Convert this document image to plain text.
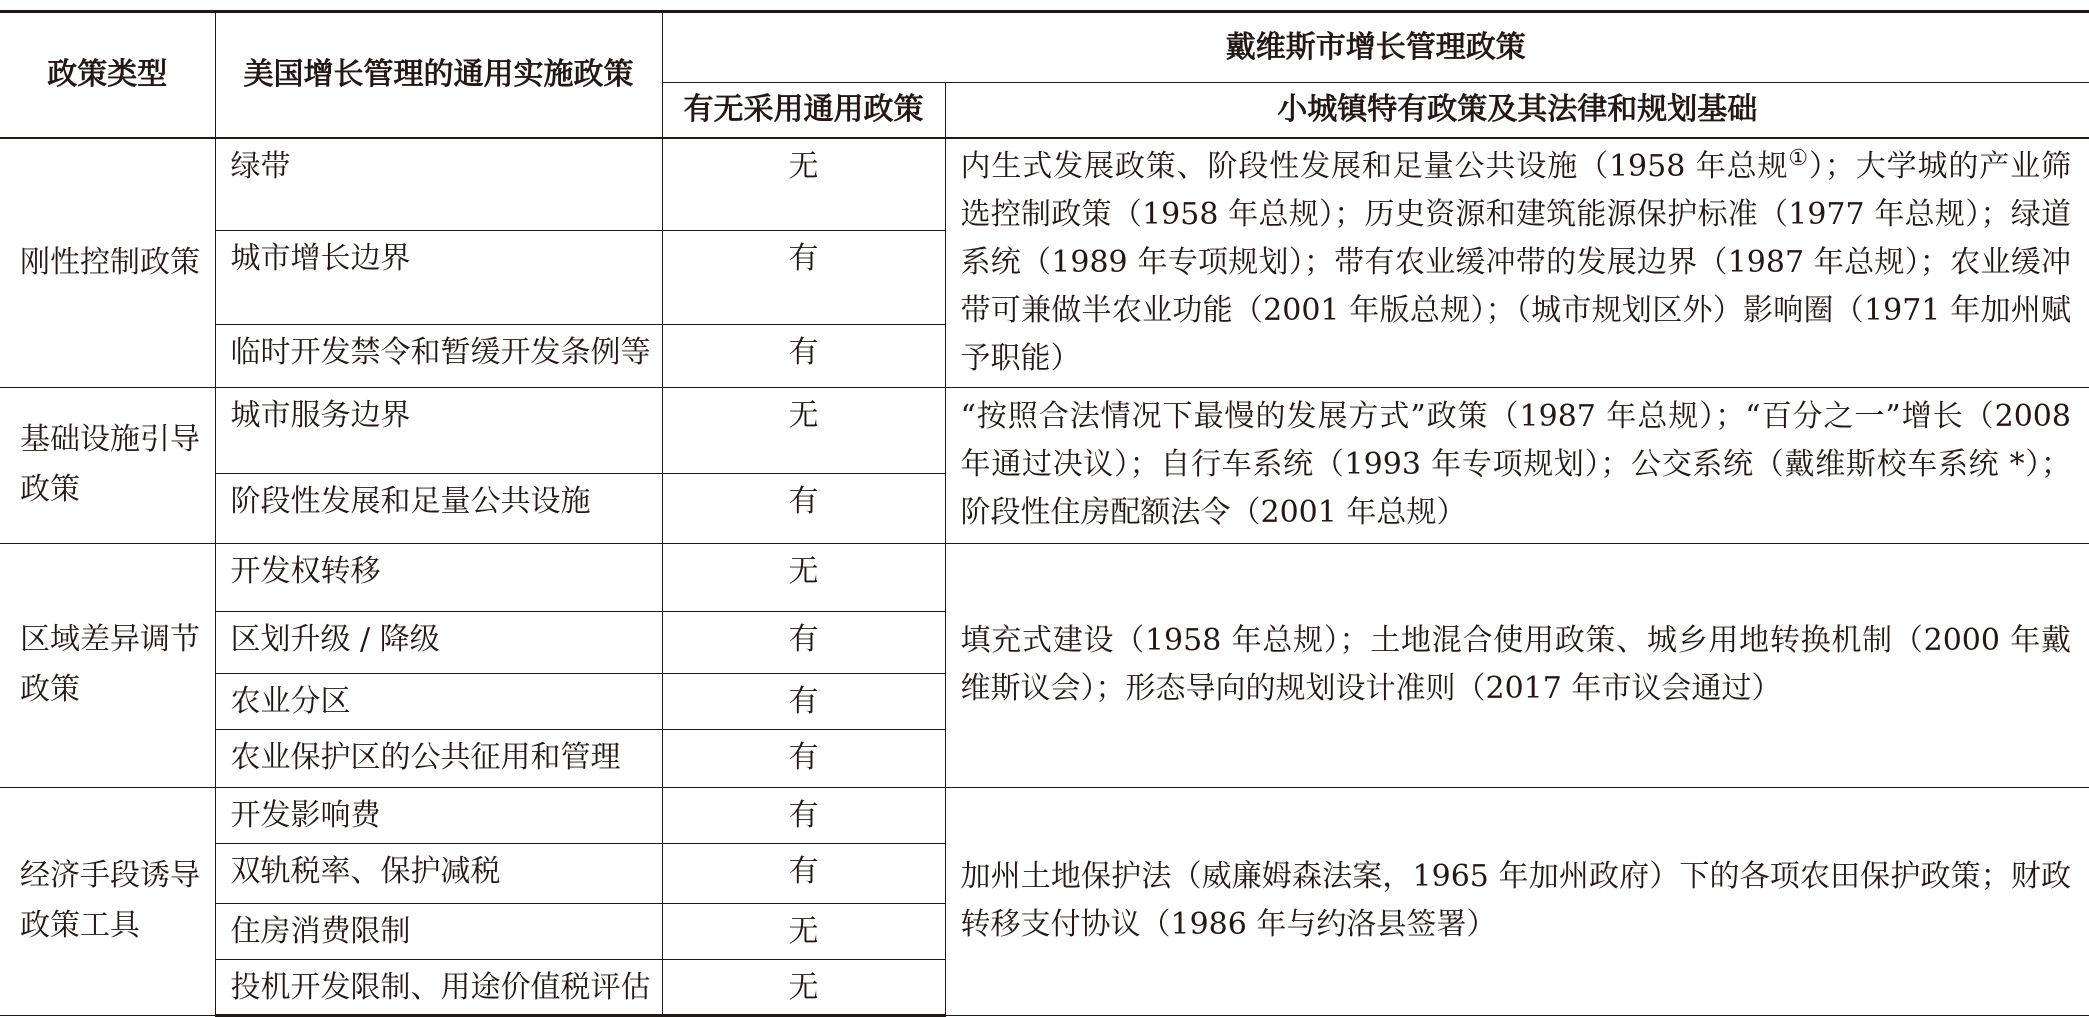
政策类型	美国增长管理的通用实施政策	戴维斯市增长管理政策	
		有无采用通用政策	小城镇特有政策及其法律和规划基础
刚性控制政策	绿带	无	内生式发展政策、阶段性发展和足量公共设施（1958 年总规①）；大学城的产业筛选控制政策（1958 年总规）；历史资源和建筑能源保护标准（1977 年总规）；绿道系统（1989 年专项规划）；带有农业缓冲带的发展边界（1987 年总规）；农业缓冲带可兼做半农业功能（2001 年版总规）；（城市规划区外）影响圈（1971 年加州赋予职能）
	城市增长边界	有	
	临时开发禁令和暂缓开发条例等	有	
基础设施引导政策	城市服务边界	无	“按照合法情况下最慢的发展方式”政策（1987 年总规）；“百分之一”增长（2008 年通过决议）；自行车系统（1993 年专项规划）；公交系统（戴维斯校车系统 *）；阶段性住房配额法令（2001 年总规）
	阶段性发展和足量公共设施	有	
区域差异调节政策	开发权转移	无	填充式建设（1958 年总规）；土地混合使用政策、城乡用地转换机制（2000 年戴维斯议会）；形态导向的规划设计准则（2017 年市议会通过）
	区划升级 / 降级	有	
	农业分区	有	
	农业保护区的公共征用和管理	有	
经济手段诱导政策工具	开发影响费	有	加州土地保护法（威廉姆森法案，1965 年加州政府）下的各项农田保护政策；财政转移支付协议（1986 年与约洛县签署）
	双轨税率、保护减税	有	
	住房消费限制	无	
	投机开发限制、用途价值税评估	无	
